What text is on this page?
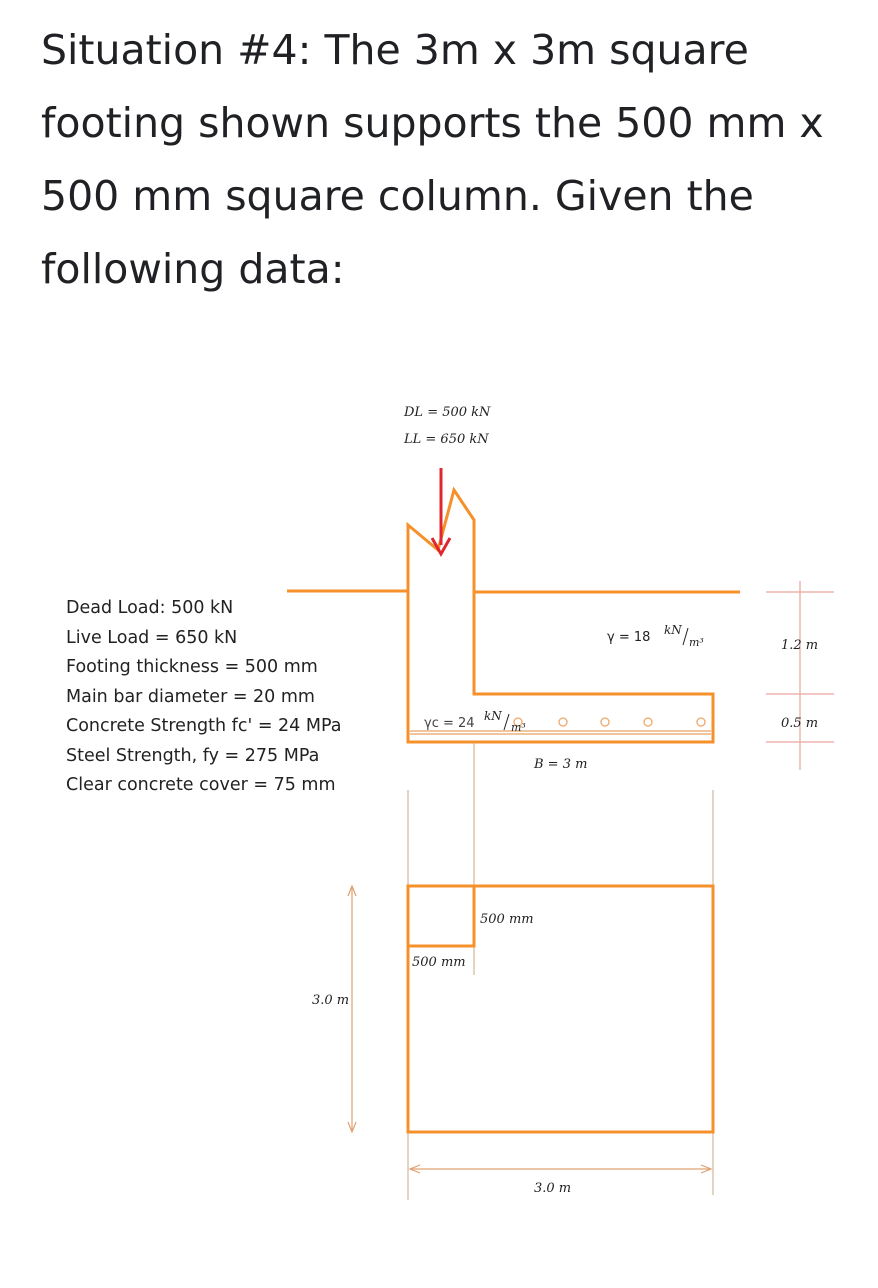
Situation #4: The 3m x 3m square footing shown supports the 500 mm x 500 mm square column. Given the following data:
Dead Load: 500 kN
Live Load = 650 kN
Footing thickness = 500 mm
Main bar diameter = 20 mm
Concrete Strength fc' = 24 MPa
Steel Strength, fy = 275 MPa
Clear concrete cover = 75 mm
DL = 500 kN
LL = 650 kN
γ = 18 kN
m³
γc = 24 kN
m³
1.2 m
0.5 m
B = 3 m
500 mm
500 mm
3.0 m
3.0 m
